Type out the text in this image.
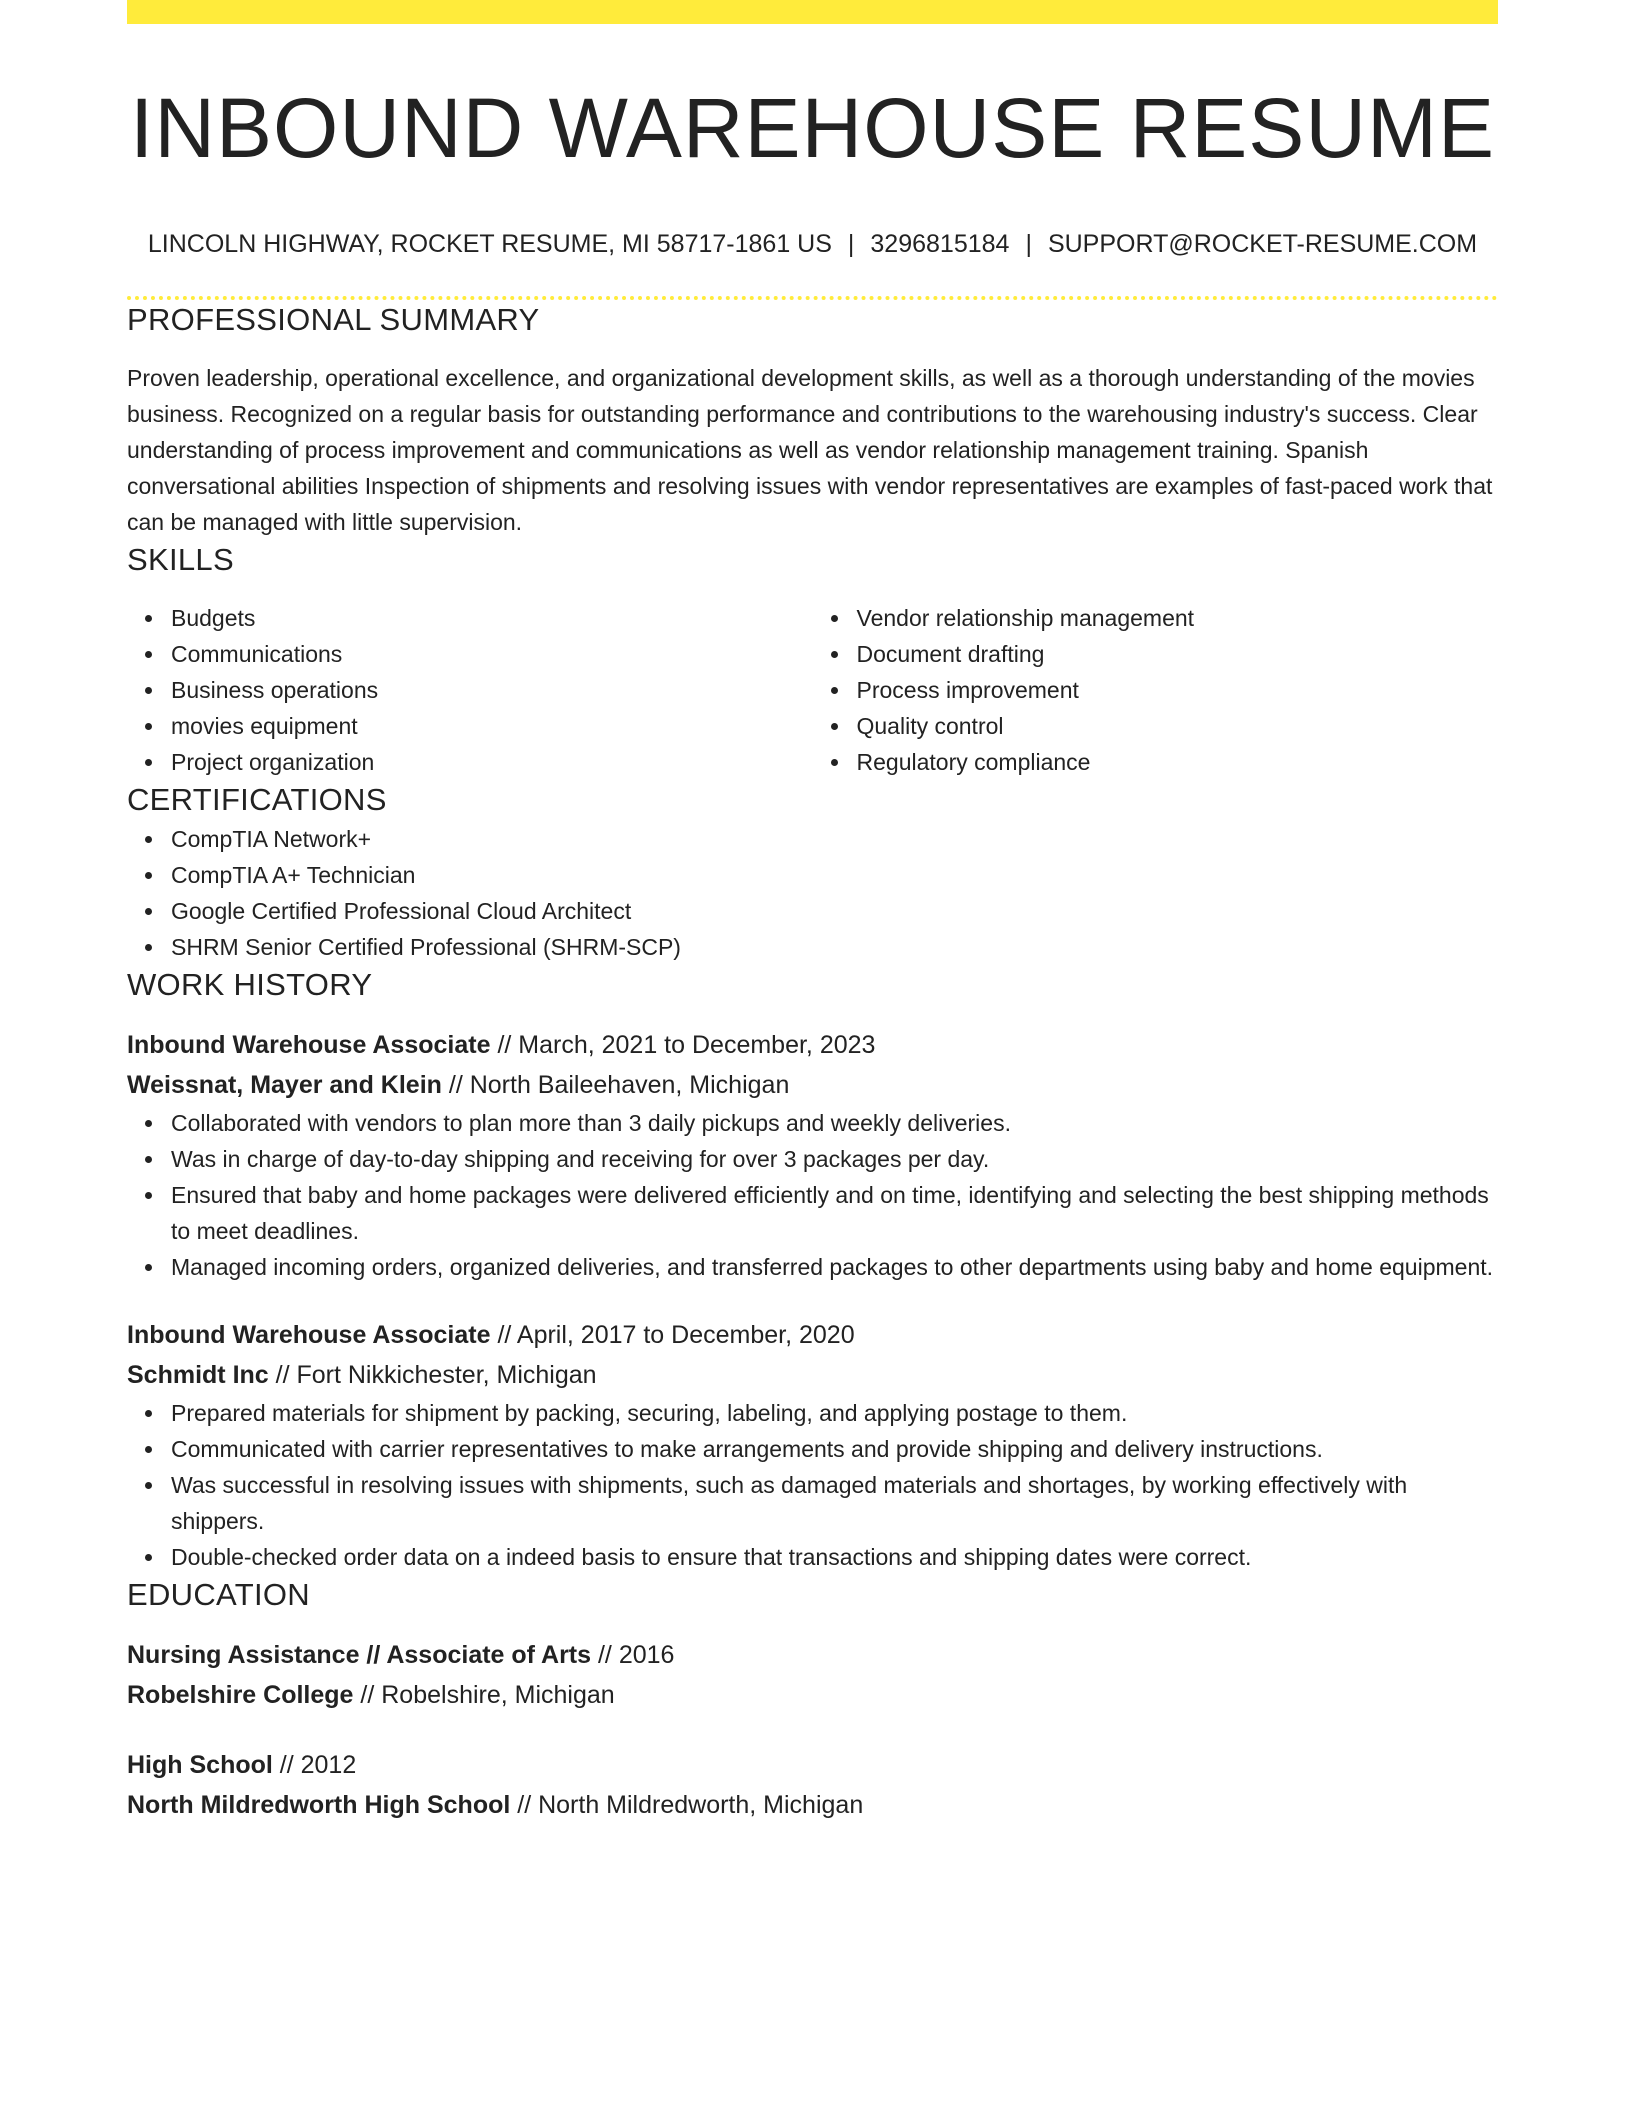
INBOUND WAREHOUSE RESUME
LINCOLN HIGHWAY, ROCKET RESUME, MI 58717-1861 US | 3296815184 | SUPPORT@ROCKET-RESUME.COM
PROFESSIONAL SUMMARY
Proven leadership, operational excellence, and organizational development skills, as well as a thorough understanding of the movies business. Recognized on a regular basis for outstanding performance and contributions to the warehousing industry's success. Clear understanding of process improvement and communications as well as vendor relationship management training. Spanish conversational abilities Inspection of shipments and resolving issues with vendor representatives are examples of fast-paced work that can be managed with little supervision.
SKILLS
Budgets
Communications
Business operations
movies equipment
Project organization
Vendor relationship management
Document drafting
Process improvement
Quality control
Regulatory compliance
CERTIFICATIONS
CompTIA Network+
CompTIA A+ Technician
Google Certified Professional Cloud Architect
SHRM Senior Certified Professional (SHRM-SCP)
WORK HISTORY
Inbound Warehouse Associate // March, 2021 to December, 2023
Weissnat, Mayer and Klein // North Baileehaven, Michigan
Collaborated with vendors to plan more than 3 daily pickups and weekly deliveries.
Was in charge of day-to-day shipping and receiving for over 3 packages per day.
Ensured that baby and home packages were delivered efficiently and on time, identifying and selecting the best shipping methods to meet deadlines.
Managed incoming orders, organized deliveries, and transferred packages to other departments using baby and home equipment.
Inbound Warehouse Associate // April, 2017 to December, 2020
Schmidt Inc // Fort Nikkichester, Michigan
Prepared materials for shipment by packing, securing, labeling, and applying postage to them.
Communicated with carrier representatives to make arrangements and provide shipping and delivery instructions.
Was successful in resolving issues with shipments, such as damaged materials and shortages, by working effectively with shippers.
Double-checked order data on a indeed basis to ensure that transactions and shipping dates were correct.
EDUCATION
Nursing Assistance // Associate of Arts // 2016
Robelshire College // Robelshire, Michigan
High School // 2012
North Mildredworth High School // North Mildredworth, Michigan
